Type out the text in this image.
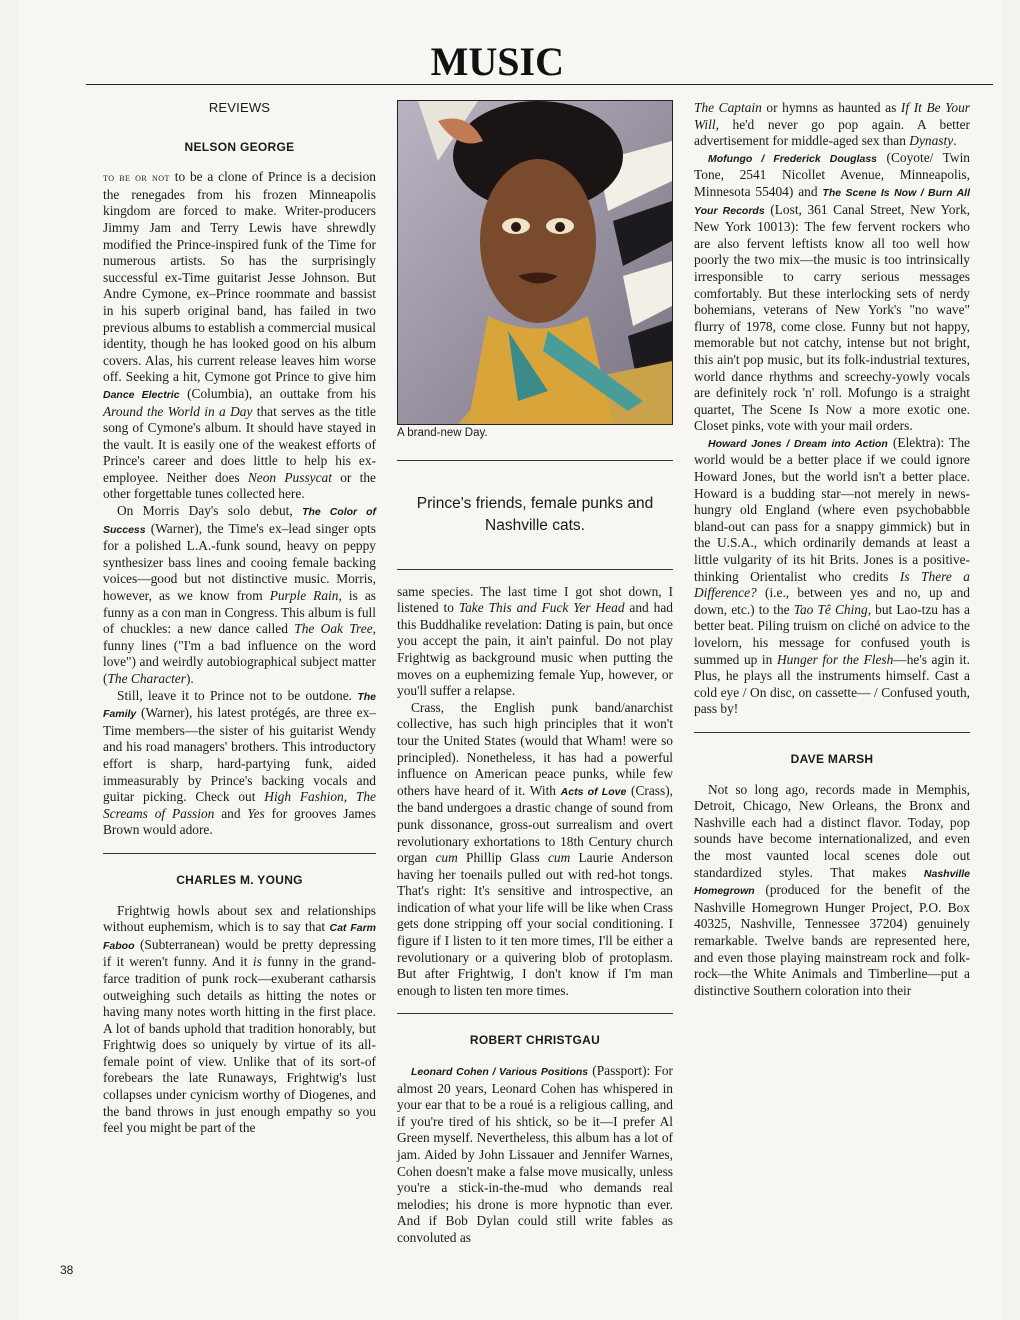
MUSIC

REVIEWS

NELSON GEORGE

to be or not to be a clone of Prince is a decision the renegades from his frozen Minneapolis kingdom are forced to make. Writer-producers Jimmy Jam and Terry Lewis have shrewdly modified the Prince-inspired funk of the Time for numerous artists. So has the surprisingly successful ex-Time guitarist Jesse Johnson. But Andre Cymone, ex–Prince roommate and bassist in his superb original band, has failed in two previous albums to establish a commercial musical identity, though he has looked good on his album covers. Alas, his current release leaves him worse off. Seeking a hit, Cymone got Prince to give him Dance Electric (Columbia), an outtake from his Around the World in a Day that serves as the title song of Cymone's album. It should have stayed in the vault. It is easily one of the weakest efforts of Prince's career and does little to help his ex-employee. Neither does Neon Pussycat or the other forgettable tunes collected here.

On Morris Day's solo debut, The Color of Success (Warner), the Time's ex–lead singer opts for a polished L.A.-funk sound, heavy on peppy synthesizer bass lines and cooing female backing voices—good but not distinctive music. Morris, however, as we know from Purple Rain, is as funny as a con man in Congress. This album is full of chuckles: a new dance called The Oak Tree, funny lines ("I'm a bad influence on the word love") and weirdly autobiographical subject matter (The Character).

Still, leave it to Prince not to be outdone. The Family (Warner), his latest protégés, are three ex–Time members—the sister of his guitarist Wendy and his road managers' brothers. This introductory effort is sharp, hard-partying funk, aided immeasurably by Prince's backing vocals and guitar picking. Check out High Fashion, The Screams of Passion and Yes for grooves James Brown would adore.

CHARLES M. YOUNG

Frightwig howls about sex and relationships without euphemism, which is to say that Cat Farm Faboo (Subterranean) would be pretty depressing if it weren't funny. And it is funny in the grand-farce tradition of punk rock—exuberant catharsis outweighing such details as hitting the notes or having many notes worth hitting in the first place. A lot of bands uphold that tradition honorably, but Frightwig does so uniquely by virtue of its all-female point of view. Unlike that of its sort-of forebears the late Runaways, Frightwig's lust collapses under cynicism worthy of Diogenes, and the band throws in just enough empathy so you feel you might be part of the

A brand-new Day.

Prince's friends, female punks and Nashville cats.

same species. The last time I got shot down, I listened to Take This and Fuck Yer Head and had this Buddhalike revelation: Dating is pain, but once you accept the pain, it ain't painful. Do not play Frightwig as background music when putting the moves on a euphemizing female Yup, however, or you'll suffer a relapse.

Crass, the English punk band/anarchist collective, has such high principles that it won't tour the United States (would that Wham! were so principled). Nonetheless, it has had a powerful influence on American peace punks, while few others have heard of it. With Acts of Love (Crass), the band undergoes a drastic change of sound from punk dissonance, gross-out surrealism and overt revolutionary exhortations to 18th Century church organ cum Phillip Glass cum Laurie Anderson having her toenails pulled out with red-hot tongs. That's right: It's sensitive and introspective, an indication of what your life will be like when Crass gets done stripping off your social conditioning. I figure if I listen to it ten more times, I'll be either a revolutionary or a quivering blob of protoplasm. But after Frightwig, I don't know if I'm man enough to listen ten more times.

ROBERT CHRISTGAU

Leonard Cohen / Various Positions (Passport): For almost 20 years, Leonard Cohen has whispered in your ear that to be a roué is a religious calling, and if you're tired of his shtick, so be it—I prefer Al Green myself. Nevertheless, this album has a lot of jam. Aided by John Lissauer and Jennifer Warnes, Cohen doesn't make a false move musically, unless you're a stick-in-the-mud who demands real melodies; his drone is more hypnotic than ever. And if Bob Dylan could still write fables as convoluted as

The Captain or hymns as haunted as If It Be Your Will, he'd never go pop again. A better advertisement for middle-aged sex than Dynasty.

Mofungo / Frederick Douglass (Coyote/ Twin Tone, 2541 Nicollet Avenue, Minneapolis, Minnesota 55404) and The Scene Is Now / Burn All Your Records (Lost, 361 Canal Street, New York, New York 10013): The few fervent rockers who are also fervent leftists know all too well how poorly the two mix—the music is too intrinsically irresponsible to carry serious messages comfortably. But these interlocking sets of nerdy bohemians, veterans of New York's "no wave" flurry of 1978, come close. Funny but not happy, memorable but not catchy, intense but not bright, this ain't pop music, but its folk-industrial textures, world dance rhythms and screechy-yowly vocals are definitely rock 'n' roll. Mofungo is a straight quartet, The Scene Is Now a more exotic one. Closet pinks, vote with your mail orders.

Howard Jones / Dream into Action (Elektra): The world would be a better place if we could ignore Howard Jones, but the world isn't a better place. Howard is a budding star—not merely in news-hungry old England (where even psychobabble bland-out can pass for a snappy gimmick) but in the U.S.A., which ordinarily demands at least a little vulgarity of its hit Brits. Jones is a positive-thinking Orientalist who credits Is There a Difference? (i.e., between yes and no, up and down, etc.) to the Tao Tê Ching, but Lao-tzu has a better beat. Piling truism on cliché on advice to the lovelorn, his message for confused youth is summed up in Hunger for the Flesh—he's agin it. Plus, he plays all the instruments himself. Cast a cold eye / On disc, on cassette— / Confused youth, pass by!

DAVE MARSH

Not so long ago, records made in Memphis, Detroit, Chicago, New Orleans, the Bronx and Nashville each had a distinct flavor. Today, pop sounds have become internationalized, and even the most vaunted local scenes dole out standardized styles. That makes Nashville Homegrown (produced for the benefit of the Nashville Homegrown Hunger Project, P.O. Box 40325, Nashville, Tennessee 37204) genuinely remarkable. Twelve bands are represented here, and even those playing mainstream rock and folk-rock—the White Animals and Timberline—put a distinctive Southern coloration into their

38
